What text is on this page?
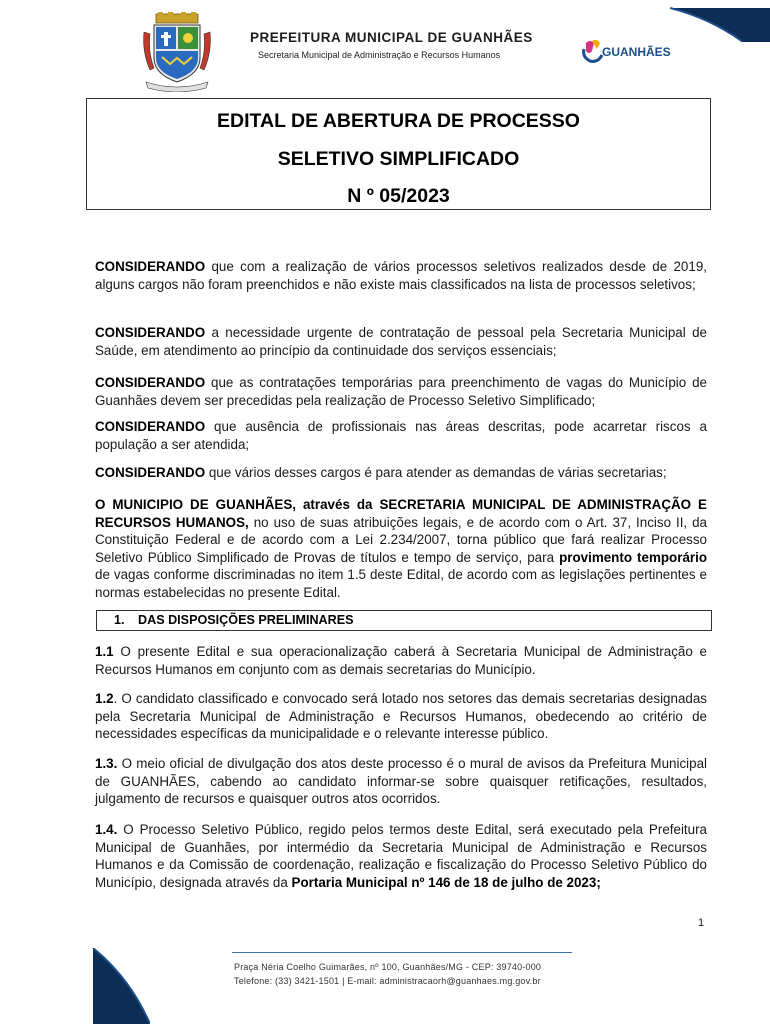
PREFEITURA MUNICIPAL DE GUANHÃES
Secretaria Municipal de Administração e Recursos Humanos	GUANHÃES
EDITAL DE ABERTURA DE PROCESSO
SELETIVO SIMPLIFICADO
N º 05/2023
CONSIDERANDO que com a realização de vários processos seletivos realizados desde de 2019, alguns cargos não foram preenchidos e não existe mais classificados na lista de processos seletivos;
CONSIDERANDO a necessidade urgente de contratação de pessoal pela Secretaria Municipal de Saúde, em atendimento ao princípio da continuidade dos serviços essenciais;
CONSIDERANDO que as contratações temporárias para preenchimento de vagas do Município de Guanhães devem ser precedidas pela realização de Processo Seletivo Simplificado;
CONSIDERANDO que ausência de profissionais nas áreas descritas, pode acarretar riscos a população a ser atendida;
CONSIDERANDO que vários desses cargos é para atender as demandas de várias secretarias;
O MUNICIPIO DE GUANHÃES, através da SECRETARIA MUNICIPAL DE ADMINISTRAÇÃO E RECURSOS HUMANOS, no uso de suas atribuições legais, e de acordo com o Art. 37, Inciso II, da Constituição Federal e de acordo com a Lei 2.234/2007, torna público que fará realizar Processo Seletivo Público Simplificado de Provas de títulos e tempo de serviço, para provimento temporário de vagas conforme discriminadas no item 1.5 deste Edital, de acordo com as legislações pertinentes e normas estabelecidas no presente Edital.
1. DAS DISPOSIÇÕES PRELIMINARES
1.1 O presente Edital e sua operacionalização caberá à Secretaria Municipal de Administração e Recursos Humanos em conjunto com as demais secretarias do Município.
1.2. O candidato classificado e convocado será lotado nos setores das demais secretarias designadas pela Secretaria Municipal de Administração e Recursos Humanos, obedecendo ao critério de necessidades específicas da municipalidade e o relevante interesse público.
1.3. O meio oficial de divulgação dos atos deste processo é o mural de avisos da Prefeitura Municipal de GUANHÃES, cabendo ao candidato informar-se sobre quaisquer retificações, resultados, julgamento de recursos e quaisquer outros atos ocorridos.
1.4. O Processo Seletivo Público, regido pelos termos deste Edital, será executado pela Prefeitura Municipal de Guanhães, por intermédio da Secretaria Municipal de Administração e Recursos Humanos e da Comissão de coordenação, realização e fiscalização do Processo Seletivo Público do Município, designada através da Portaria Municipal nº 146 de 18 de julho de 2023;
1
Praça Néria Coelho Guimarães, nº 100, Guanhães/MG - CEP: 39740-000
Telefone: (33) 3421-1501 | E-mail: administracaorh@guanhaes.mg.gov.br
